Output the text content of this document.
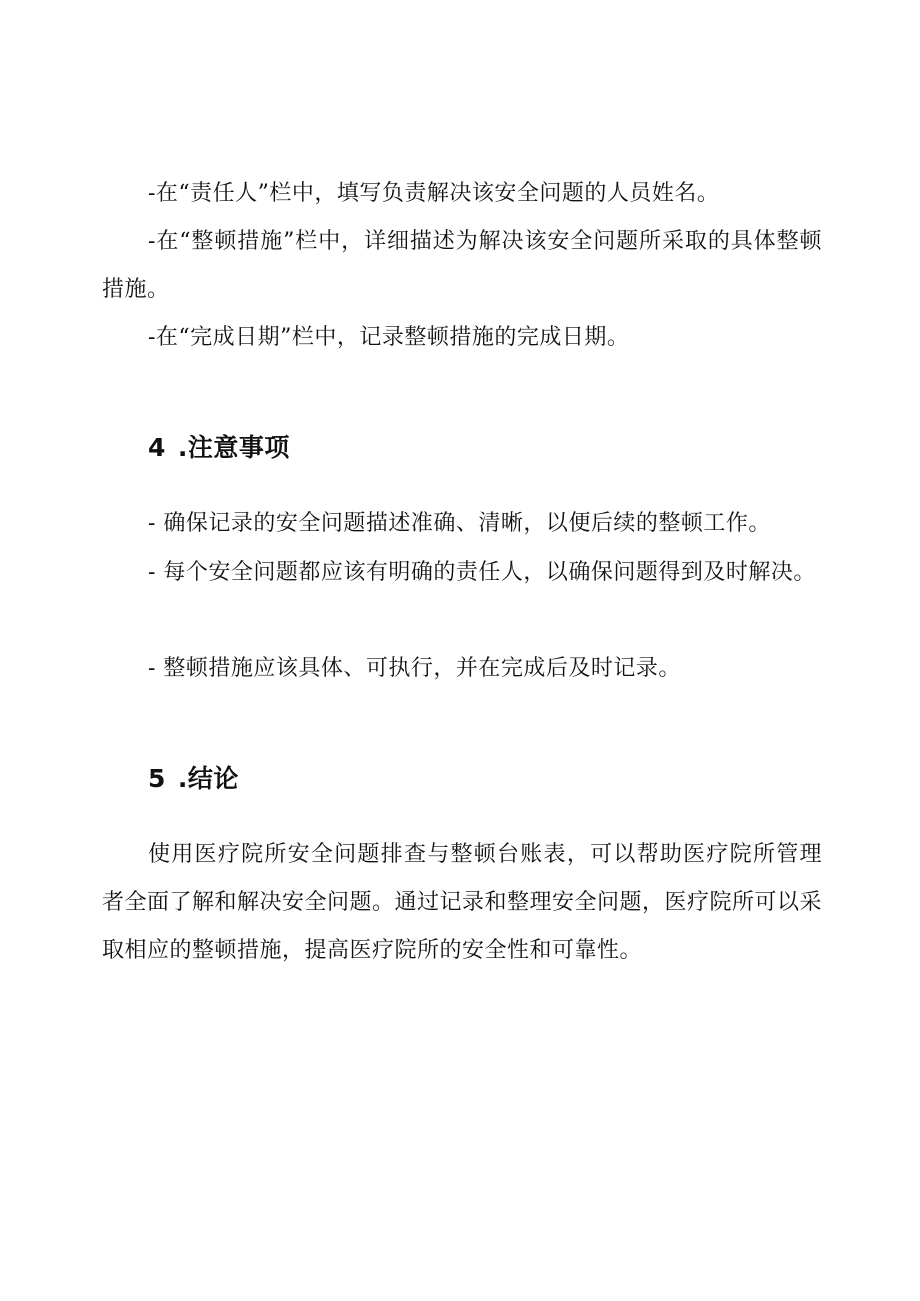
-在“责任人”栏中，填写负责解决该安全问题的人员姓名。

-在“整顿措施”栏中，详细描述为解决该安全问题所采取的具体整顿措施。

-在“完成日期”栏中，记录整顿措施的完成日期。

4 .注意事项

- 确保记录的安全问题描述准确、清晰，以便后续的整顿工作。

- 每个安全问题都应该有明确的责任人，以确保问题得到及时解决。

- 整顿措施应该具体、可执行，并在完成后及时记录。

5 .结论

使用医疗院所安全问题排查与整顿台账表，可以帮助医疗院所管理者全面了解和解决安全问题。通过记录和整理安全问题，医疗院所可以采取相应的整顿措施，提高医疗院所的安全性和可靠性。
